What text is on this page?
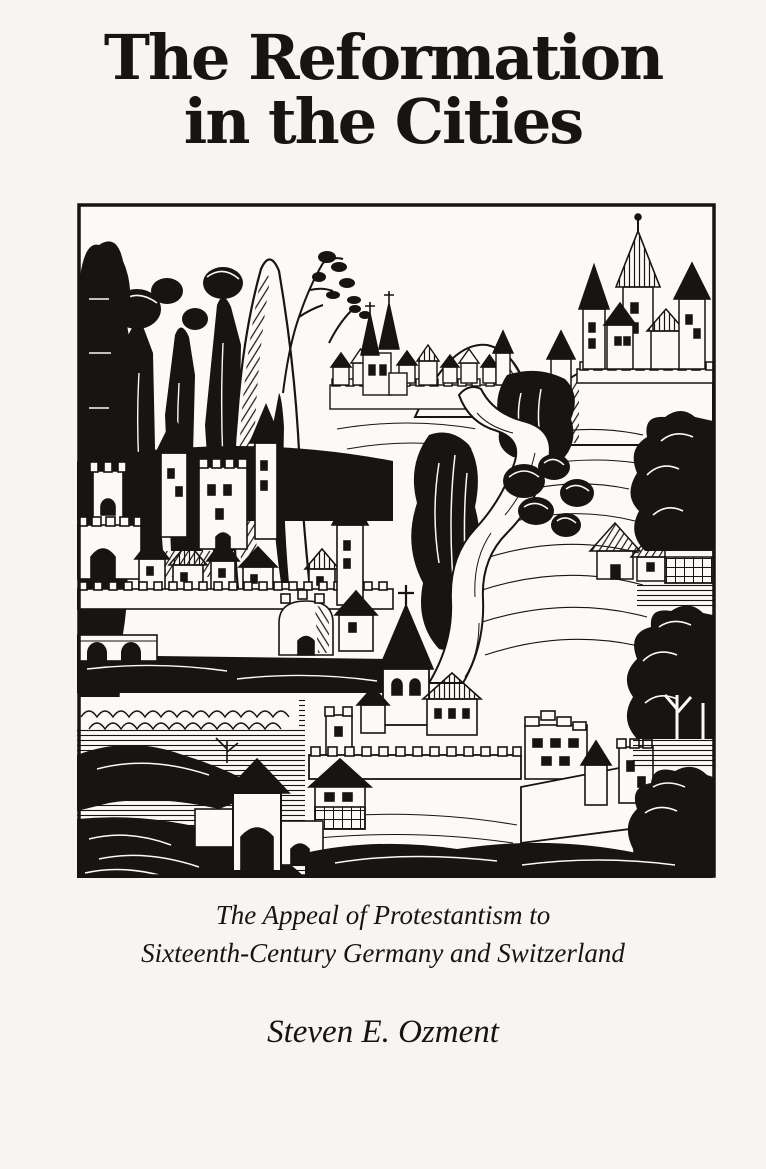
The Reformation
in the Cities

The Appeal of Protestantism to
Sixteenth-Century Germany and Switzerland

Steven E. Ozment
